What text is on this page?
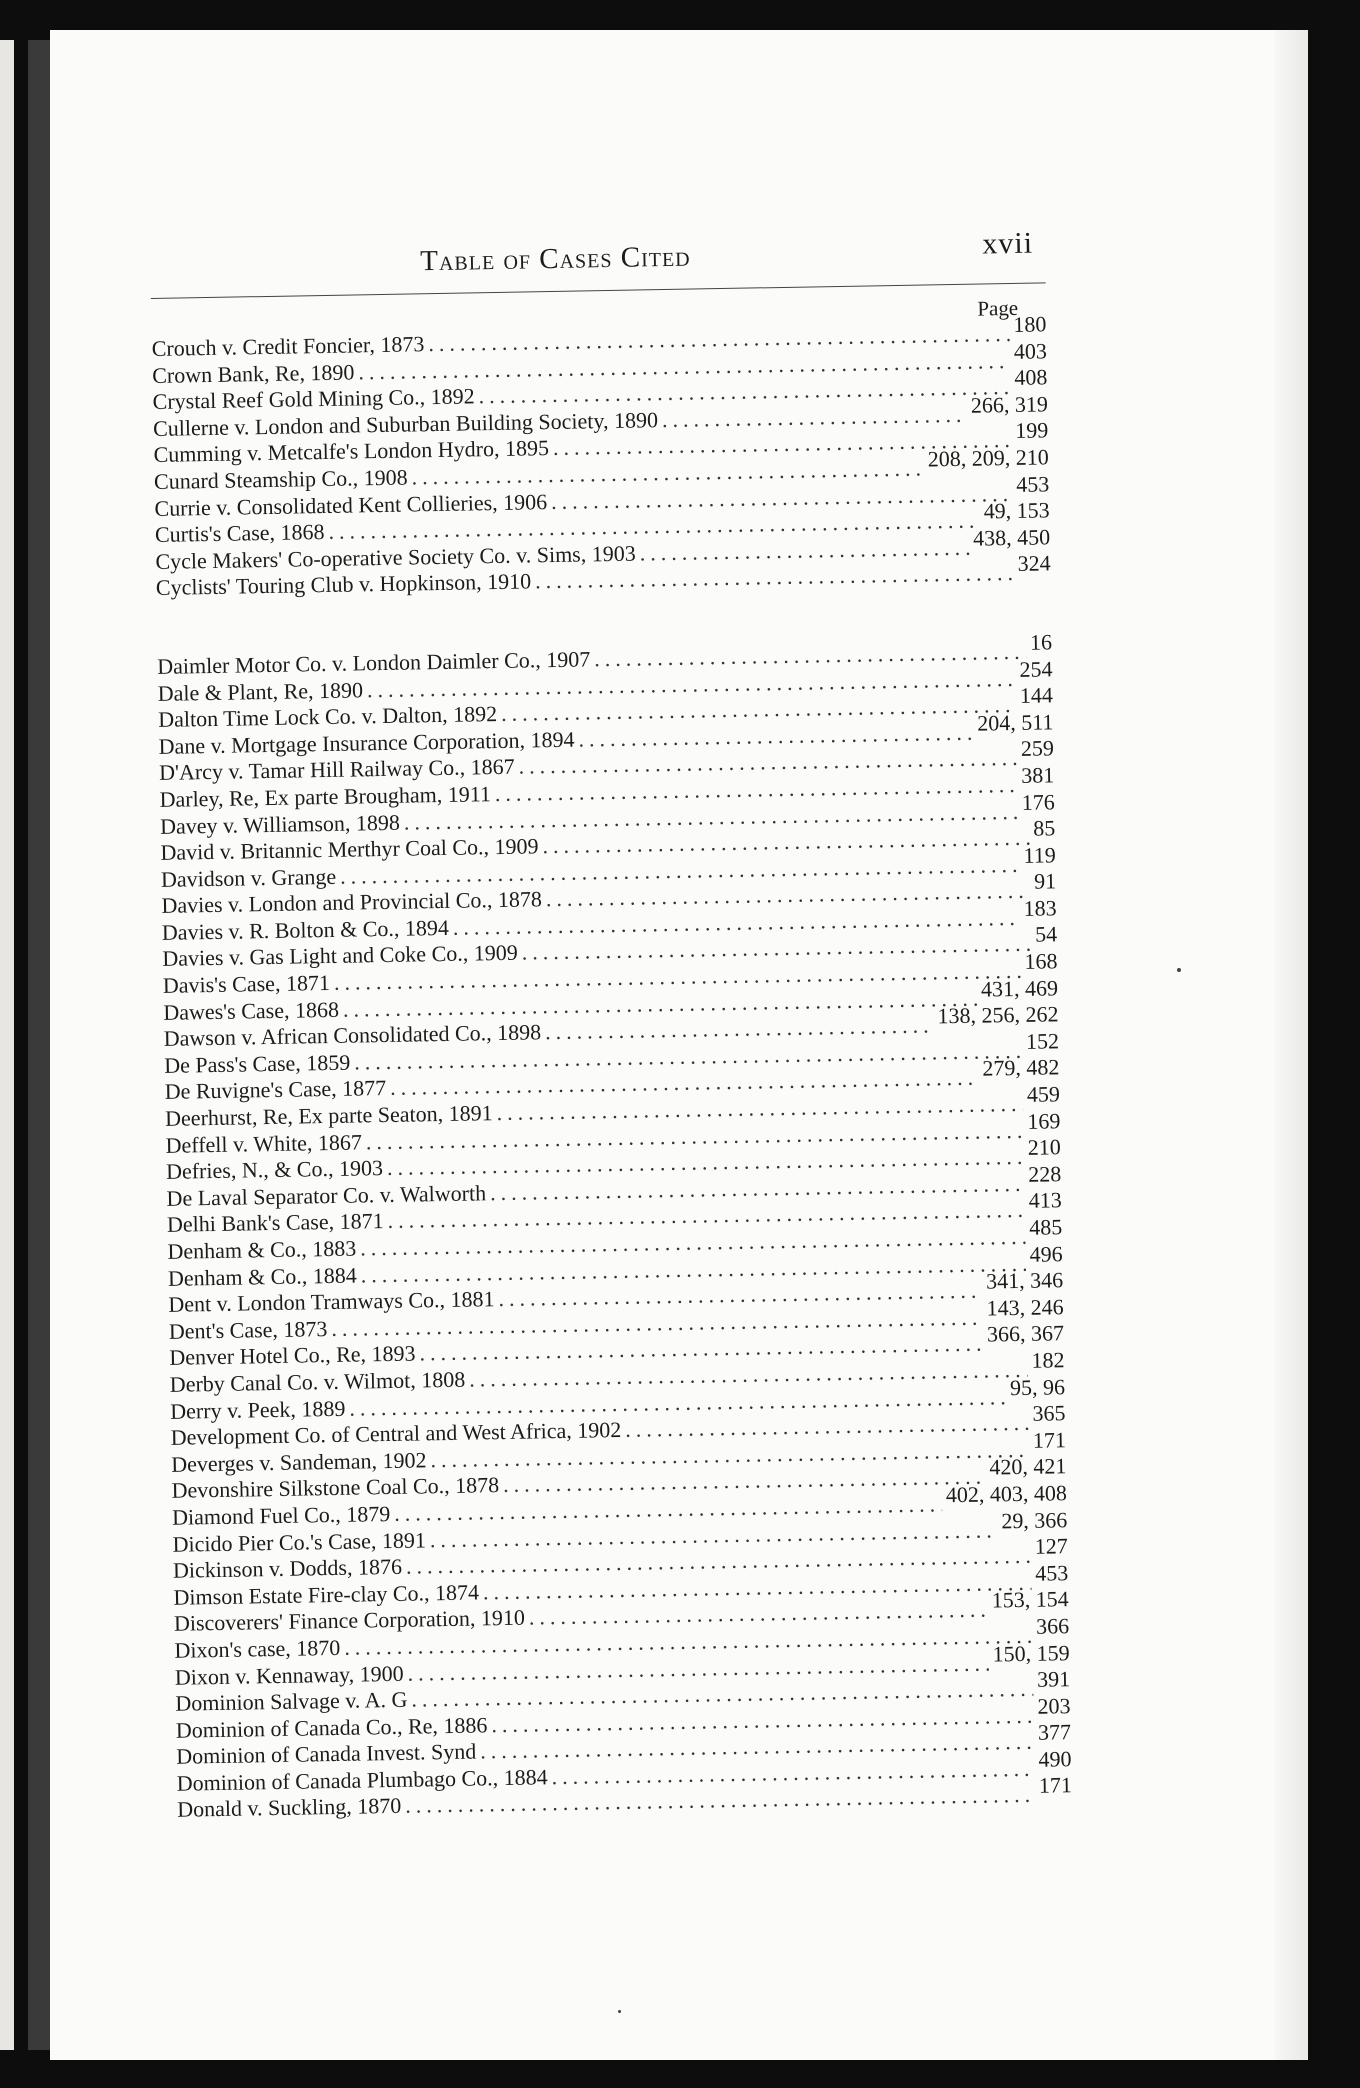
Table of Cases Cited	xvii
Page
Crouch v. Credit Foncier, 1873
.....
180
Crown Bank, Re, 1890
.....
403
Crystal Reef Gold Mining Co., 1892
.....
408
Cullerne v. London and Suburban Building Society, 1890
.....
266, 319
Cumming v. Metcalfe's London Hydro, 1895
.....
199
Cunard Steamship Co., 1908
.....
208, 209, 210
Currie v. Consolidated Kent Collieries, 1906
.....
453
Curtis's Case, 1868
.....
49, 153
Cycle Makers' Co-operative Society Co. v. Sims, 1903
.....
438, 450
Cyclists' Touring Club v. Hopkinson, 1910
.....
324
Daimler Motor Co. v. London Daimler Co., 1907
.....
16
Dale & Plant, Re, 1890
.....
254
Dalton Time Lock Co. v. Dalton, 1892
.....
144
Dane v. Mortgage Insurance Corporation, 1894
.....
204, 511
D'Arcy v. Tamar Hill Railway Co., 1867
.....
259
Darley, Re, Ex parte Brougham, 1911
.....
381
Davey v. Williamson, 1898
.....
176
David v. Britannic Merthyr Coal Co., 1909
.....
85
Davidson v. Grange
.....
119
Davies v. London and Provincial Co., 1878
.....
91
Davies v. R. Bolton & Co., 1894
.....
183
Davies v. Gas Light and Coke Co., 1909
.....
54
Davis's Case, 1871
.....
168
Dawes's Case, 1868
.....
431, 469
Dawson v. African Consolidated Co., 1898
.....
138, 256, 262
De Pass's Case, 1859
.....
152
De Ruvigne's Case, 1877
.....
279, 482
Deerhurst, Re, Ex parte Seaton, 1891
.....
459
Deffell v. White, 1867
.....
169
Defries, N., & Co., 1903
.....
210
De Laval Separator Co. v. Walworth
.....
228
Delhi Bank's Case, 1871
.....
413
Denham & Co., 1883
.....
485
Denham & Co., 1884
.....
496
Dent v. London Tramways Co., 1881
.....
341, 346
Dent's Case, 1873
.....
143, 246
Denver Hotel Co., Re, 1893
.....
366, 367
Derby Canal Co. v. Wilmot, 1808
.....
182
Derry v. Peek, 1889
.....
95, 96
Development Co. of Central and West Africa, 1902
.....
365
Deverges v. Sandeman, 1902
.....
171
Devonshire Silkstone Coal Co., 1878
.....
420, 421
Diamond Fuel Co., 1879
.....
402, 403, 408
Dicido Pier Co.'s Case, 1891
.....
29, 366
Dickinson v. Dodds, 1876
.....
127
Dimson Estate Fire-clay Co., 1874
.....
453
Discoverers' Finance Corporation, 1910
.....
153, 154
Dixon's case, 1870
.....
366
Dixon v. Kennaway, 1900
.....
150, 159
Dominion Salvage v. A. G
.....
391
Dominion of Canada Co., Re, 1886
.....
203
Dominion of Canada Invest. Synd
.....
377
Dominion of Canada Plumbago Co., 1884
.....
490
Donald v. Suckling, 1870
.....
171
